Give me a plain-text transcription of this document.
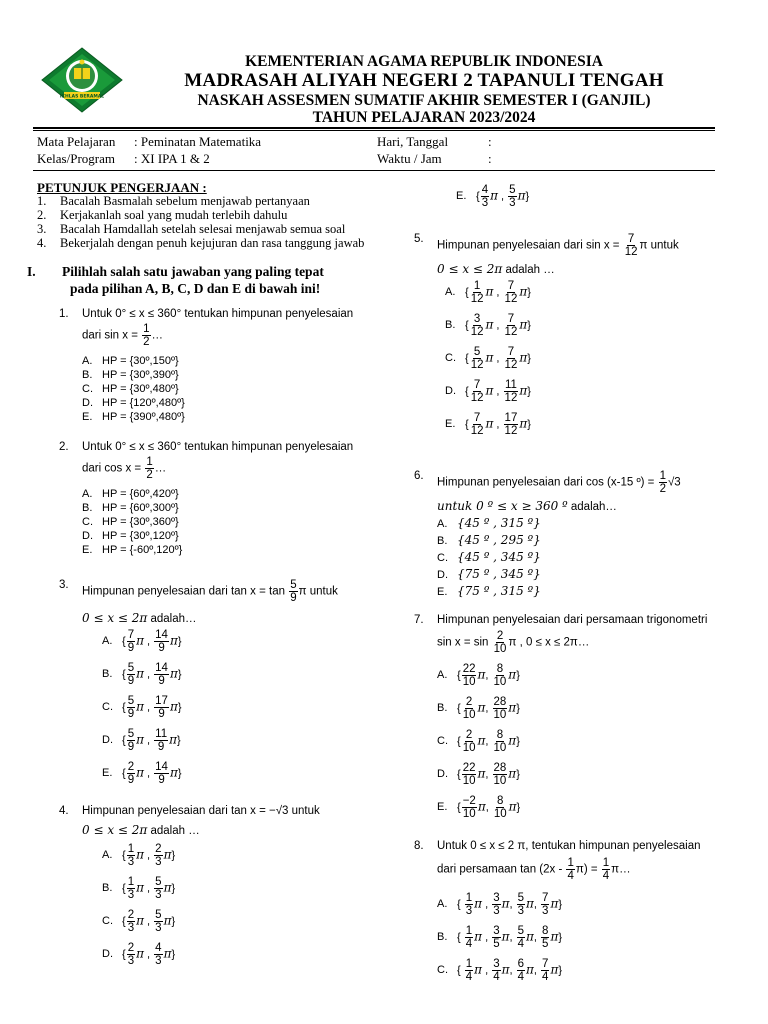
IKHLAS BERAMAL
KEMENTERIAN AGAMA REPUBLIK INDONESIA
MADRASAH ALIYAH NEGERI 2 TAPANULI TENGAH
NASKAH ASSESMEN SUMATIF AKHIR SEMESTER I (GANJIL)
TAHUN PELAJARAN 2023/2024
Mata Pelajaran : Peminatan Matematika
Kelas/Program : XI IPA 1 & 2
Hari, Tanggal	:
Waktu / Jam	:
PETUNJUK PENGERJAAN :
1. Bacalah Basmalah sebelum menjawab pertanyaan
2. Kerjakanlah soal yang mudah terlebih dahulu
3. Bacalah Hamdallah setelah selesai menjawab semua soal
4. Bekerjalah dengan penuh kejujuran dan rasa tanggung jawab
I. Pilihlah salah satu jawaban yang paling tepat
pada pilihan A, B, C, D dan E di bawah ini!
1. Untuk 0° ≤ x ≤ 360° tentukan himpunan penyelesaian
dari $\sin x = \frac{1}{2}$ …
A. HP = {30º,150º}
B. HP = {30º,390º}
C. HP = {30º,480º}
D. HP = {120º,480º}
E. HP = {390º,480º}
2. Untuk 0° ≤ x ≤ 360° tentukan himpunan penyelesaian
dari $\cos x = \frac{1}{2}$ …
A. HP = {60º,420º}
B. HP = {60º,300º}
C. HP = {30º,360º}
D. HP = {30º,120º}
E. HP = {-60º,120º}
3.
Himpunan penyelesaian dari $\tan x = \tan \frac{5}{9}$ π untuk
0 ≤ x ≤ 2π adalah…
A. { $\frac{7}{9}$ π , $\frac{14}{9} \pi$}
B. { $\frac{5}{9}$ π , $\frac{14}{9} \pi$}
C. { $\frac{5}{9}$ π , $\frac{17}{9} \pi$}
D. { $\frac{5}{9}$ π , $\frac{11}{9} \pi$}
E. { $\frac{2}{9}$ π , $\frac{14}{9} \pi$}
4. Himpunan penyelesaian dari tan x = −√3 untuk
0 ≤ x ≤ 2π adalah …
A. { $\frac{1}{3}$ π , $\frac{2}{3} \pi$}
B. { $\frac{1}{3}$ π , $\frac{5}{3} \pi$}
C. { $\frac{2}{3}$ π , $\frac{5}{3} \pi$}
D. { $\frac{2}{3}$ π , $\frac{4}{3} \pi$}
E. { $\frac{4}{3}$ π , $\frac{5}{3} \pi$}
5.
Himpunan penyelesaian dari $\sin x = \frac{7}{12}$ π untuk
0 ≤ x ≤ 2π adalah …
A. { $\frac{1}{12}$ π , $\frac{7}{12} \pi$}
B. { $\frac{3}{12}$ π , $\frac{7}{12} \pi$}
C. { $\frac{5}{12}$ π , $\frac{7}{12} \pi$}
D. { $\frac{7}{12}$ π , $\frac{11}{12} \pi$}
E. { $\frac{7}{12}$ π , $\frac{17}{12} \pi$}
6.
Himpunan penyelesaian dari cos (x-15 º) = $\frac{1}{2} √3$
untuk 0 º ≤ x ≥ 360 º adalah…
A. {45 º , 315 º}
B. {45 º , 295 º}
C. {45 º , 345 º}
D. {75 º , 345 º}
E. {75 º , 315 º}
7. Himpunan penyelesaian dari persamaan trigonometri
$\sin x = \sin \frac{2}{10}$ π , 0 ≤ x ≤ 2π…
A. { $\frac{22}{10} \pi$, $\frac{8}{10} \pi$}
B. { $\frac{2}{10} \pi$, $\frac{28}{10} \pi$}
C. { $\frac{2}{10} \pi$, $\frac{8}{10} \pi$}
D. { $\frac{22}{10} \pi$, $\frac{28}{10} \pi$}
E. { $\frac{-2}{10} \pi$, $\frac{8}{10} \pi$}
8. Untuk 0 ≤ x ≤ 2 π, tentukan himpunan penyelesaian
dari persamaan $\tan (2x - \frac{1}{4} \pi) = \frac{1}{4}$ π…
A. { $\frac{1}{3}$ π , $\frac{3}{3} \pi$, $\frac{5}{3} \pi$, $\frac{7}{3} \pi$}
B. { $\frac{1}{4}$ π , $\frac{3}{5} \pi$, $\frac{5}{4} \pi$, $\frac{8}{5} \pi$}
C. { $\frac{1}{4}$ π , $\frac{3}{4} \pi$, $\frac{6}{4} \pi$, $\frac{7}{4} \pi$}
